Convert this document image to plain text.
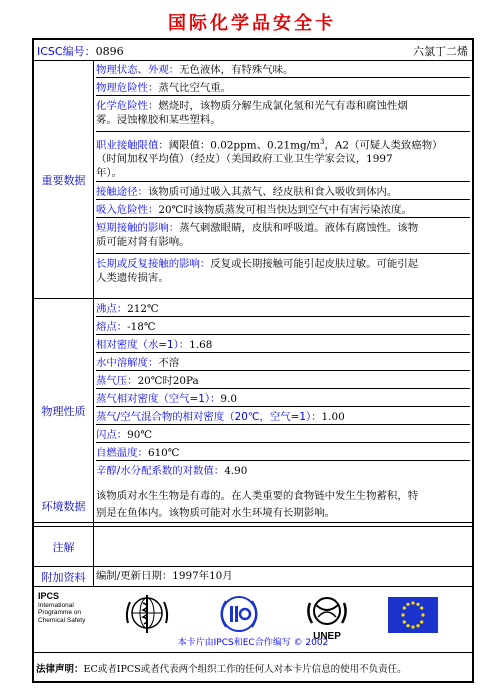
国际化学品安全卡
ICSC编号：0896	六氯丁二烯
重要数据
物理状态、外观：无色液体，有特殊气味。
物理危险性：蒸气比空气重。
化学危险性：燃烧时，该物质分解生成氯化氢和光气有毒和腐蚀性烟
雾。浸蚀橡胶和某些塑料。
职业接触限值：阈限值：0.02ppm、$0.21mg/m^3$，A2（可疑人类致癌物）
（时间加权平均值）（经皮）（美国政府工业卫生学家会议，1997
年）。
接触途径：该物质可通过吸入其蒸气、经皮肤和食入吸收到体内。
吸入危险性：20℃时该物质蒸发可相当快达到空气中有害污染浓度。
短期接触的影响：蒸气刺激眼睛，皮肤和呼吸道。液体有腐蚀性。该物
质可能对肾有影响。
长期或反复接触的影响：反复或长期接触可能引起皮肤过敏。可能引起
人类遗传损害。
物理性质
沸点：212℃
熔点：-18℃
相对密度（水=1）：1.68
水中溶解度：不溶
蒸气压：20℃时20Pa
蒸气相对密度（空气=1）：9.0
蒸气/空气混合物的相对密度（20℃，空气=1）：1.00
闪点：90℃
自燃温度：610℃
辛醇/水分配系数的对数值：4.90
环境数据
该物质对水生生物是有毒的。在人类重要的食物链中发生生物蓄积，特
别是在鱼体内。该物质可能对水生环境有长期影响。
注解
附加资料	编制/更新日期：1997年10月
IPCS
International
Programme on
Chemical Safety
UNEP
本卡片由IPCS和EC合作编写 © 2002
法律声明：EC或者IPCS或者代表两个组织工作的任何人对本卡片信息的使用不负责任。
